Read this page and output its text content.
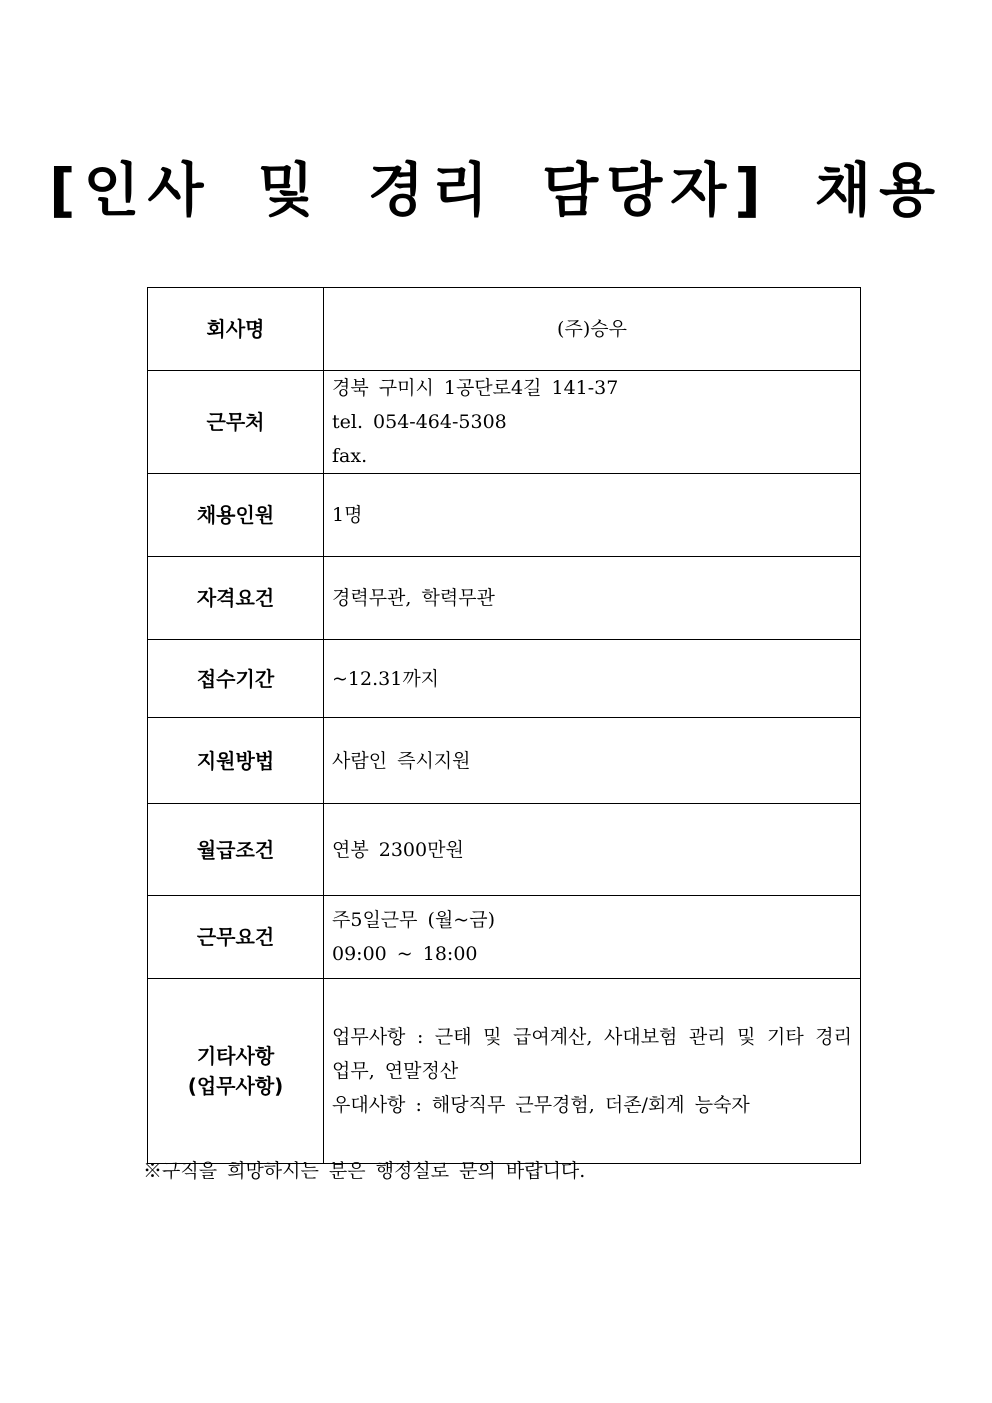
[인사 및 경리 담당자] 채용
회사명	(주)승우

근무처	경북 구미시 1공단로4길 141-37
tel. 054-464-5308
fax.

채용인원	1명

자격요건	경력무관, 학력무관

접수기간	~12.31까지

지원방법	사람인 즉시지원

월급조건	연봉 2300만원

근무요건	주5일근무 (월~금)
09:00 ~ 18:00

기타사항
(업무사항)	업무사항 : 근태 및 급여계산, 사대보험 관리 및 기타 경리 업무, 연말정산
우대사항 : 해당직무 근무경험, 더존/회계 능숙자
※구직을 희망하시는 분은 행정실로 문의 바랍니다.
